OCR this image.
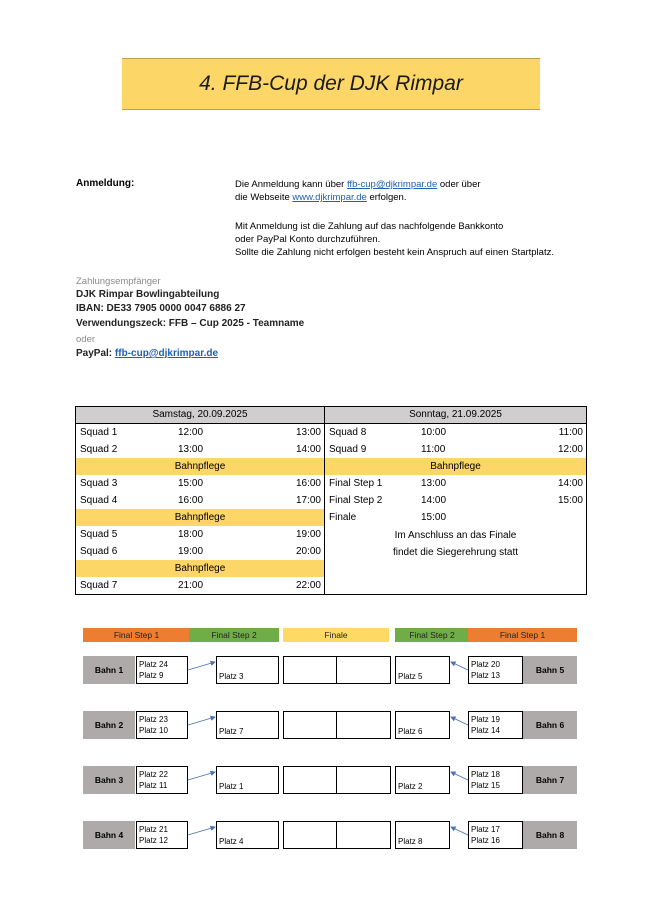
4. FFB-Cup der DJK Rimpar
Anmeldung:	Die Anmeldung kann über ffb-cup@djkrimpar.de oder über
die Webseite www.djkrimpar.de erfolgen.
Mit Anmeldung ist die Zahlung auf das nachfolgende Bankkonto
oder PayPal Konto durchzuführen.
Sollte die Zahlung nicht erfolgen besteht kein Anspruch auf einen Startplatz.
Zahlungsempfänger
DJK Rimpar Bowlingabteilung
IBAN: DE33 7905 0000 0047 6886 27
Verwendungszeck: FFB – Cup 2025 - Teamname
oder
PayPal: ffb-cup@djkrimpar.de
Samstag, 20.09.2025
Squad 1	12:00	13:00
Squad 2	13:00	14:00
Bahnpflege
Squad 3	15:00	16:00
Squad 4	16:00	17:00
Bahnpflege
Squad 5	18:00	19:00
Squad 6	19:00	20:00
Bahnpflege
Squad 7	21:00	22:00
Sonntag, 21.09.2025
Squad 8	10:00	11:00
Squad 9	11:00	12:00
Bahnpflege
Final Step 1	13:00	14:00
Final Step 2	14:00	15:00
Finale	15:00
Im Anschluss an das Finale
findet die Siegerehrung statt
Final Step 1	Final Step 2	Finale	Final Step 2	Final Step 1
Bahn 1
Platz 24
Platz 9	Platz 3	Platz 5
Platz 20
Platz 13
Bahn 5
Bahn 2
Platz 23
Platz 10	Platz 7	Platz 6
Platz 19
Platz 14
Bahn 6
Bahn 3
Platz 22
Platz 11	Platz 1	Platz 2
Platz 18
Platz 15
Bahn 7
Bahn 4
Platz 21
Platz 12	Platz 4	Platz 8
Platz 17
Platz 16
Bahn 8
